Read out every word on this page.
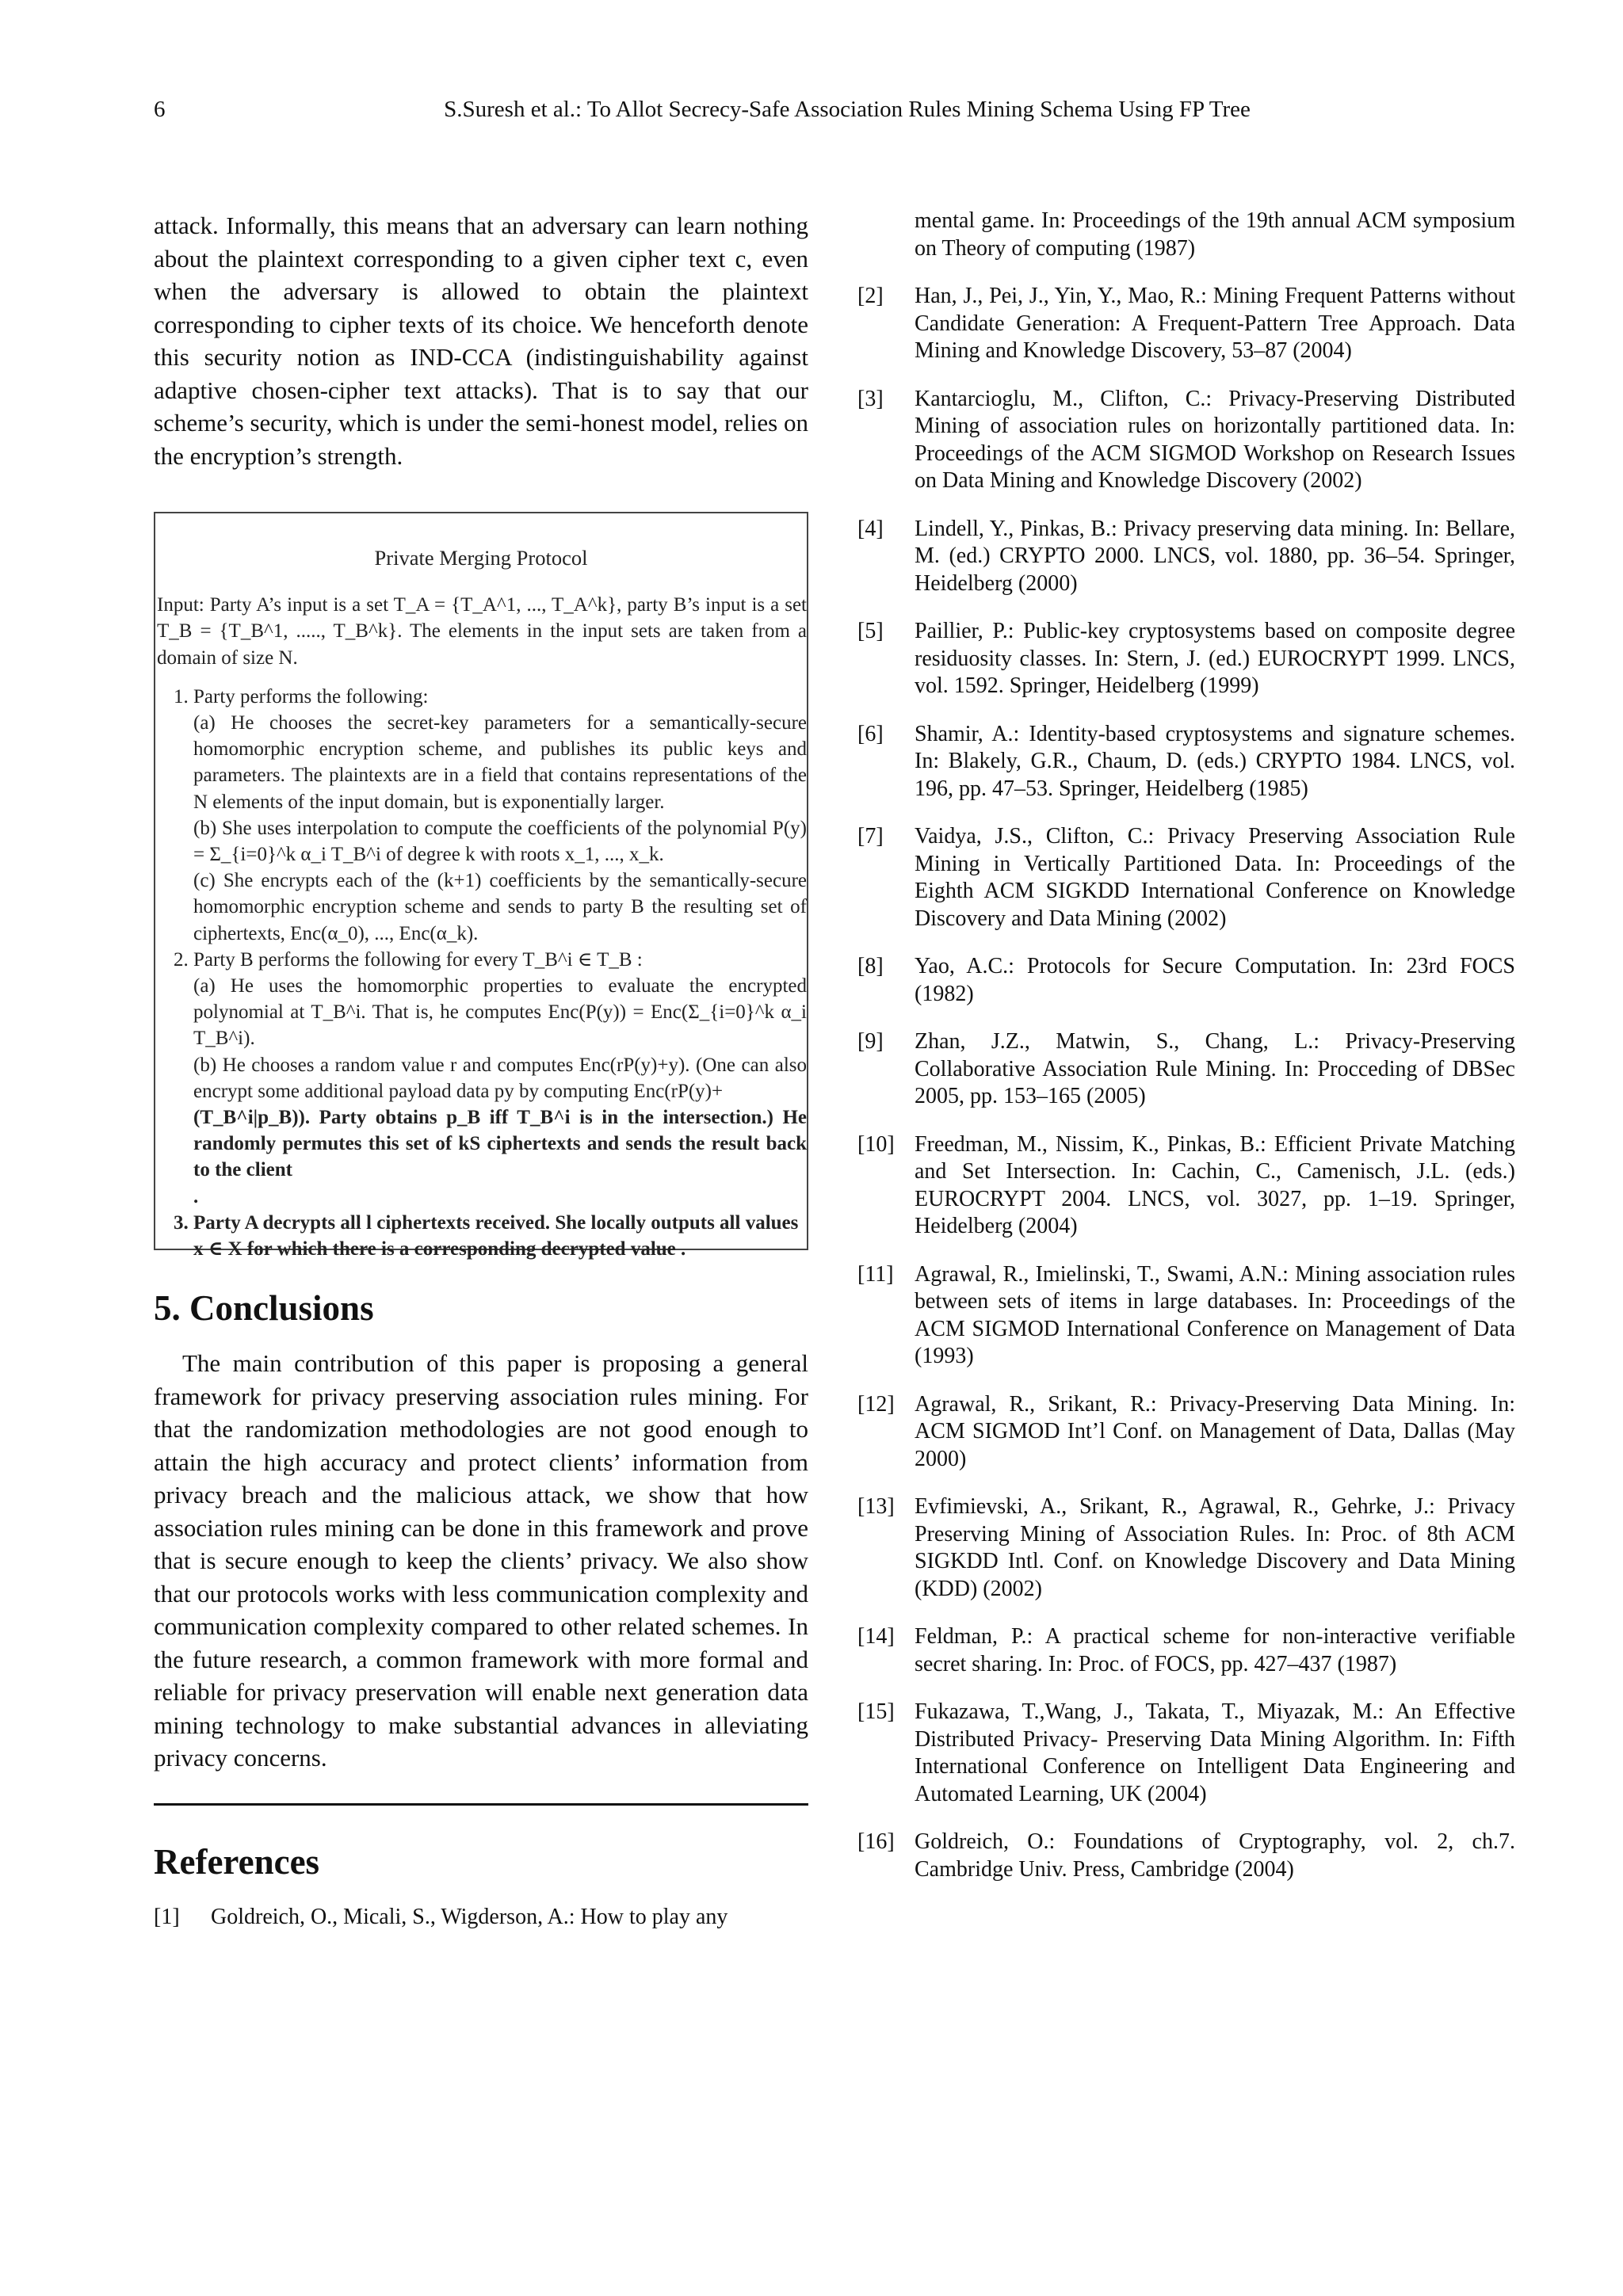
6	S.Suresh et al.: To Allot Secrecy-Safe Association Rules Mining Schema Using FP Tree

attack. Informally, this means that an adversary can learn nothing about the plaintext corresponding to a given cipher text c, even when the adversary is allowed to obtain the plaintext corresponding to cipher texts of its choice. We henceforth denote this security notion as IND-CCA (indistinguishability against adaptive chosen-cipher text attacks). That is to say that our scheme’s security, which is under the semi-honest model, relies on the encryption’s strength.

Private Merging Protocol
Input: Party A’s input is a set T_A = {T_A^1, ..., T_A^k}, party B’s input is a set T_B = {T_B^1, ....., T_B^k}. The elements in the input sets are taken from a domain of size N.
1. Party performs the following:
(a) He chooses the secret-key parameters for a semantically-secure homomorphic encryption scheme, and publishes its public keys and parameters. The plaintexts are in a field that contains representations of the N elements of the input domain, but is exponentially larger.
(b) She uses interpolation to compute the coefficients of the polynomial P(y) = Σ_{i=0}^k α_i T_B^i of degree k with roots x_1, ..., x_k.
(c) She encrypts each of the (k+1) coefficients by the semantically-secure homomorphic encryption scheme and sends to party B the resulting set of ciphertexts, Enc(α_0), ..., Enc(α_k).
2. Party B performs the following for every T_B^i ∈ T_B :
(a) He uses the homomorphic properties to evaluate the encrypted polynomial at T_B^i. That is, he computes Enc(P(y)) = Enc(Σ_{i=0}^k α_i T_B^i).
(b) He chooses a random value r and computes Enc(rP(y)+y). (One can also encrypt some additional payload data py by computing Enc(rP(y)+
(T_B^i|p_B)). Party obtains p_B iff T_B^i is in the intersection.) He randomly permutes this set of kS ciphertexts and sends the result back to the client
.
3. Party A decrypts all l ciphertexts received. She locally outputs all values x ∈ X for which there is a corresponding decrypted value .
5. Conclusions

The main contribution of this paper is proposing a general framework for privacy preserving association rules mining. For that the randomization methodologies are not good enough to attain the high accuracy and protect clients’ information from privacy breach and the malicious attack, we show that how association rules mining can be done in this framework and prove that is secure enough to keep the clients’ privacy. We also show that our protocols works with less communication complexity and communication complexity compared to other related schemes. In the future research, a common framework with more formal and reliable for privacy preservation will enable next generation data mining technology to make substantial advances in alleviating privacy concerns.

References
[1]	Goldreich, O., Micali, S., Wigderson, A.: How to play any
mental game. In: Proceedings of the 19th annual ACM symposium on Theory of computing (1987)
[2]	Han, J., Pei, J., Yin, Y., Mao, R.: Mining Frequent Patterns without Candidate Generation: A Frequent-Pattern Tree Approach. Data Mining and Knowledge Discovery, 53–87 (2004)
[3]	Kantarcioglu, M., Clifton, C.: Privacy-Preserving Distributed Mining of association rules on horizontally partitioned data. In: Proceedings of the ACM SIGMOD Workshop on Research Issues on Data Mining and Knowledge Discovery (2002)
[4]	Lindell, Y., Pinkas, B.: Privacy preserving data mining. In: Bellare, M. (ed.) CRYPTO 2000. LNCS, vol. 1880, pp. 36–54. Springer, Heidelberg (2000)
[5]	Paillier, P.: Public-key cryptosystems based on composite degree residuosity classes. In: Stern, J. (ed.) EUROCRYPT 1999. LNCS, vol. 1592. Springer, Heidelberg (1999)
[6]	Shamir, A.: Identity-based cryptosystems and signature schemes. In: Blakely, G.R., Chaum, D. (eds.) CRYPTO 1984. LNCS, vol. 196, pp. 47–53. Springer, Heidelberg (1985)
[7]	Vaidya, J.S., Clifton, C.: Privacy Preserving Association Rule Mining in Vertically Partitioned Data. In: Proceedings of the Eighth ACM SIGKDD International Conference on Knowledge Discovery and Data Mining (2002)
[8]	Yao, A.C.: Protocols for Secure Computation. In: 23rd FOCS (1982)
[9]	Zhan, J.Z., Matwin, S., Chang, L.: Privacy-Preserving Collaborative Association Rule Mining. In: Procceding of DBSec 2005, pp. 153–165 (2005)
[10] Freedman, M., Nissim, K., Pinkas, B.: Efficient Private Matching and Set Intersection. In: Cachin, C., Camenisch, J.L. (eds.) EUROCRYPT 2004. LNCS, vol. 3027, pp. 1–19. Springer, Heidelberg (2004)
[11] Agrawal, R., Imielinski, T., Swami, A.N.: Mining association rules between sets of items in large databases. In: Proceedings of the ACM SIGMOD International Conference on Management of Data (1993)
[12] Agrawal, R., Srikant, R.: Privacy-Preserving Data Mining. In: ACM SIGMOD Int’l Conf. on Management of Data, Dallas (May 2000)
[13] Evfimievski, A., Srikant, R., Agrawal, R., Gehrke, J.: Privacy Preserving Mining of Association Rules. In: Proc. of 8th ACM SIGKDD Intl. Conf. on Knowledge Discovery and Data Mining (KDD) (2002)
[14] Feldman, P.: A practical scheme for non-interactive verifiable secret sharing. In: Proc. of FOCS, pp. 427–437 (1987)
[15] Fukazawa, T.,Wang, J., Takata, T., Miyazak, M.: An Effective Distributed Privacy- Preserving Data Mining Algorithm. In: Fifth International Conference on Intelligent Data Engineering and Automated Learning, UK (2004)
[16] Goldreich, O.: Foundations of Cryptography, vol. 2, ch.7. Cambridge Univ. Press, Cambridge (2004)
